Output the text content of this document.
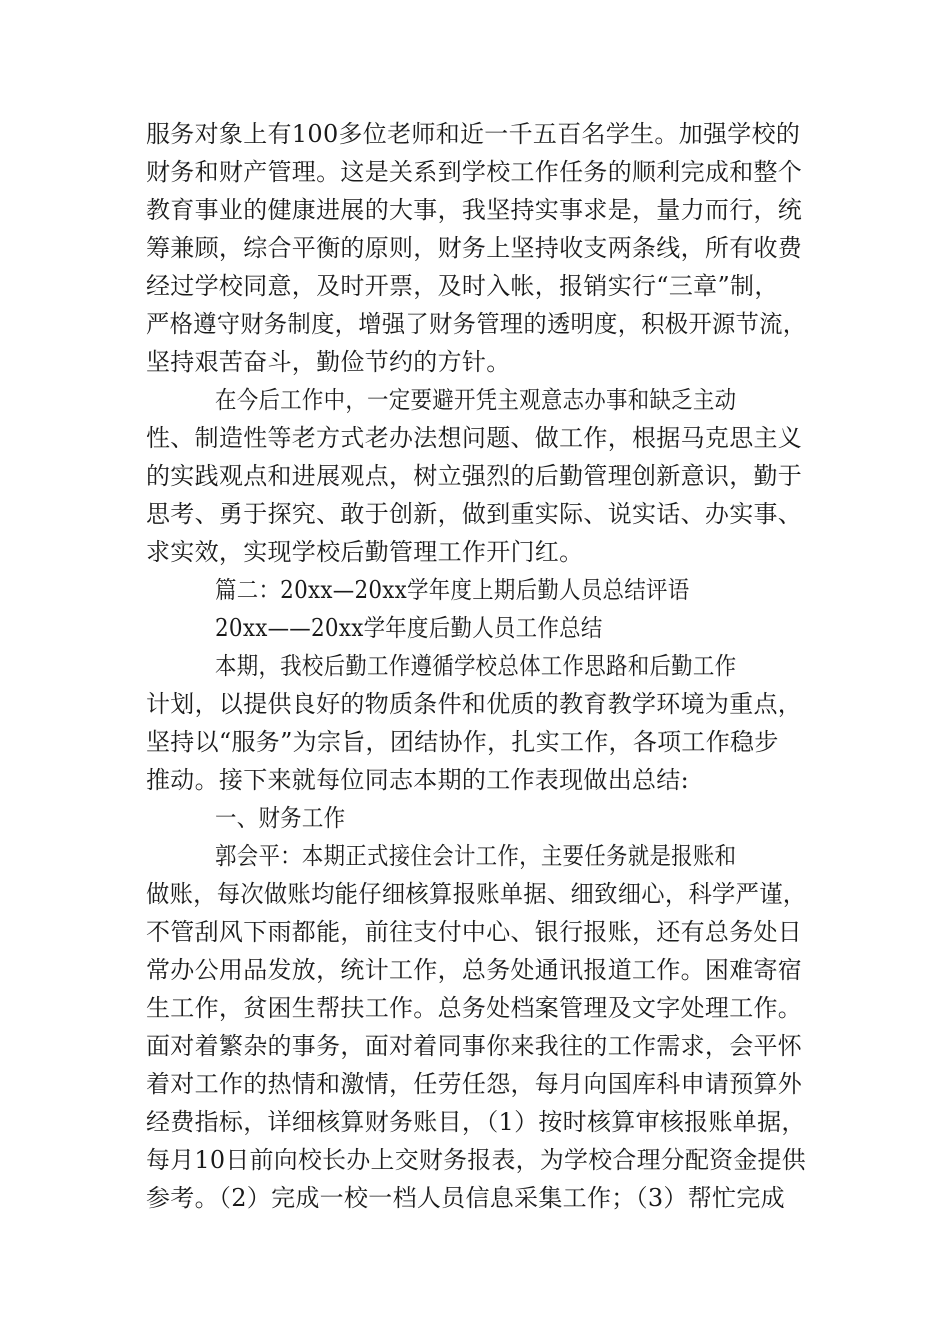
服务对象上有100多位老师和近一千五百名学生。加强学校的
财务和财产管理。这是关系到学校工作任务的顺利完成和整个
教育事业的健康进展的大事，我坚持实事求是，量力而行，统
筹兼顾，综合平衡的原则，财务上坚持收支两条线，所有收费
经过学校同意，及时开票，及时入帐，报销实行“三章”制，
严格遵守财务制度，增强了财务管理的透明度，积极开源节流，
坚持艰苦奋斗，勤俭节约的方针。
在今后工作中，一定要避开凭主观意志办事和缺乏主动
性、制造性等老方式老办法想问题、做工作，根据马克思主义
的实践观点和进展观点，树立强烈的后勤管理创新意识，勤于
思考、勇于探究、敢于创新，做到重实际、说实话、办实事、
求实效，实现学校后勤管理工作开门红。
篇二：20xx—20xx学年度上期后勤人员总结评语
20xx——20xx学年度后勤人员工作总结
本期，我校后勤工作遵循学校总体工作思路和后勤工作
计划，以提供良好的物质条件和优质的教育教学环境为重点，
坚持以“服务”为宗旨，团结协作，扎实工作，各项工作稳步
推动。接下来就每位同志本期的工作表现做出总结:
一、财务工作
郭会平：本期正式接住会计工作，主要任务就是报账和
做账，每次做账均能仔细核算报账单据、细致细心，科学严谨，
不管刮风下雨都能，前往支付中心、银行报账，还有总务处日
常办公用品发放，统计工作，总务处通讯报道工作。困难寄宿
生工作，贫困生帮扶工作。总务处档案管理及文字处理工作。
面对着繁杂的事务，面对着同事你来我往的工作需求，会平怀
着对工作的热情和激情，任劳任怨，每月向国库科申请预算外
经费指标，详细核算财务账目，（1）按时核算审核报账单据，
每月10日前向校长办上交财务报表，为学校合理分配资金提供
参考。（2）完成一校一档人员信息采集工作；（3）帮忙完成
